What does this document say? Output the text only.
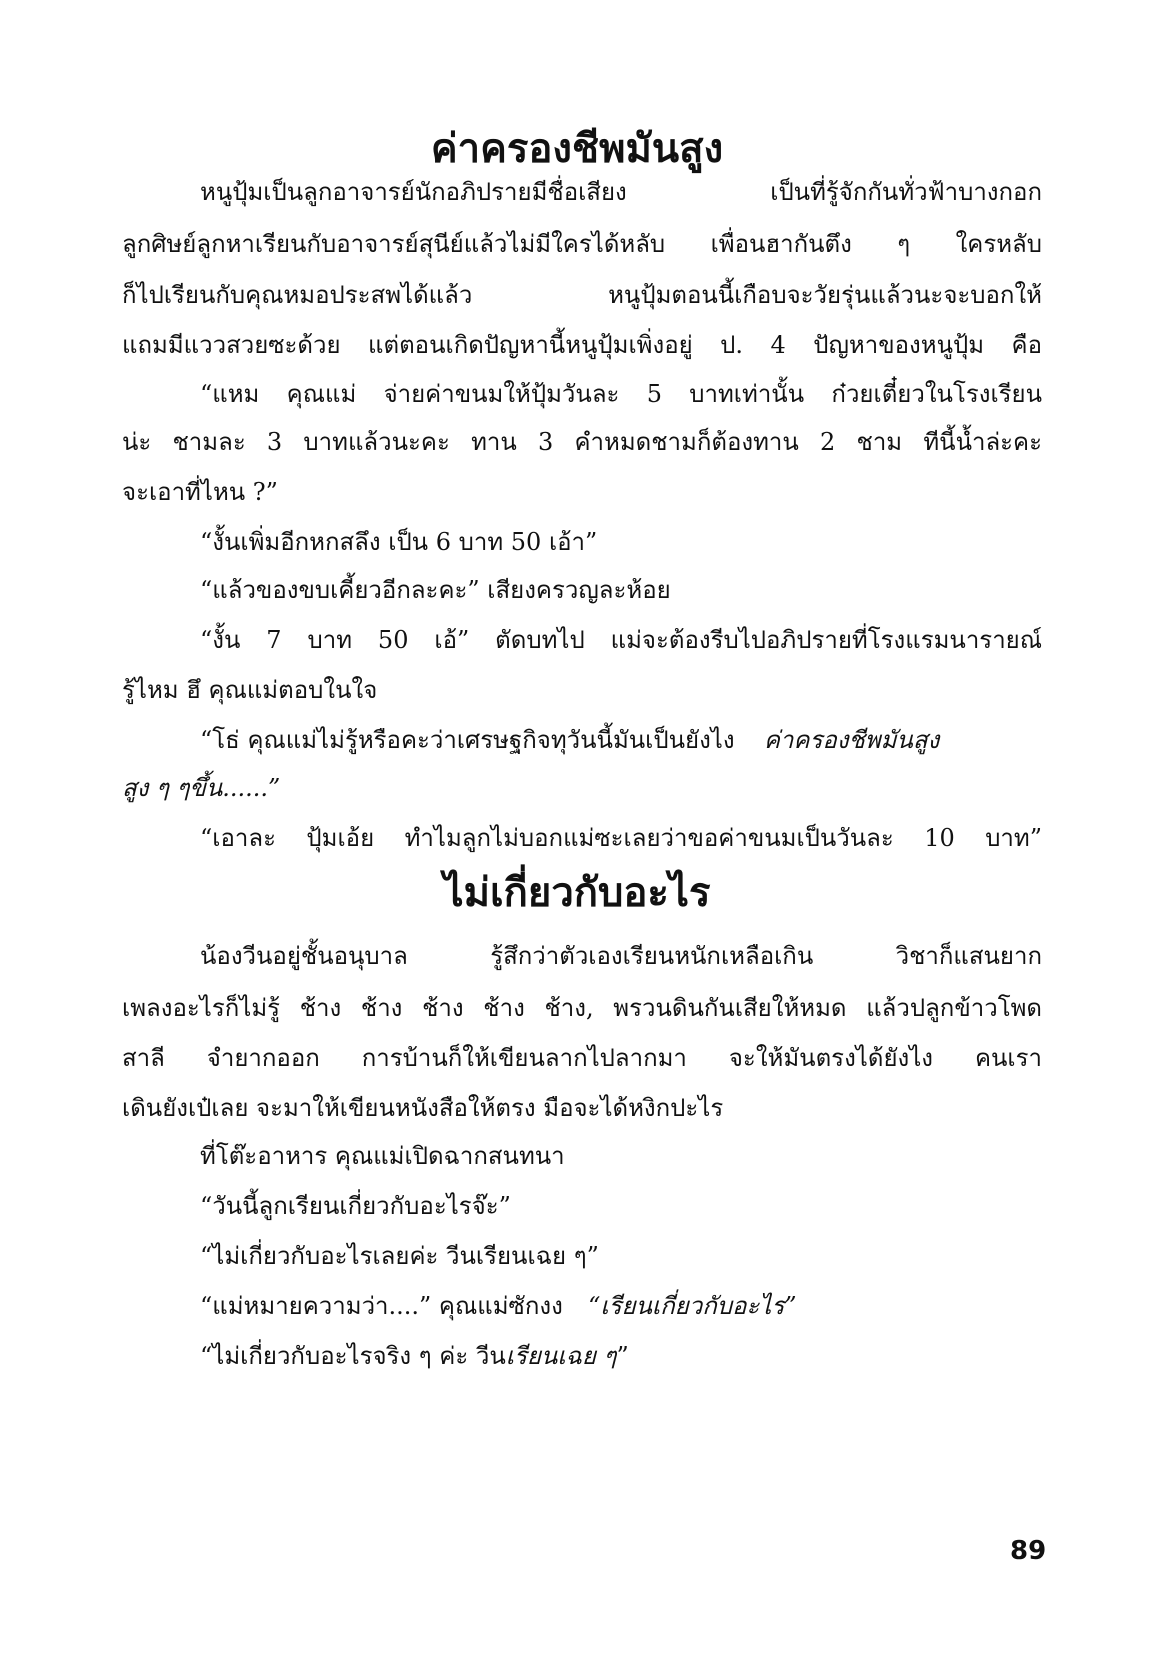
ค่าครองชีพมันสูง
หนูปุ้มเป็นลูกอาจารย์นักอภิปรายมีชื่อเสียง เป็นที่รู้จักกันทั่วฟ้าบางกอก
ลูกศิษย์ลูกหาเรียนกับอาจารย์สุนีย์แล้วไม่มีใครได้หลับ เพื่อนฮากันตึง ๆ ใครหลับ
ก็ไปเรียนกับคุณหมอประสพได้แล้ว หนูปุ้มตอนนี้เกือบจะวัยรุ่นแล้วนะจะบอกให้
แถมมีแววสวยซะด้วย แต่ตอนเกิดปัญหานี้หนูปุ้มเพิ่งอยู่ ป. 4 ปัญหาของหนูปุ้ม คือ
“แหม คุณแม่ จ่ายค่าขนมให้ปุ้มวันละ 5 บาทเท่านั้น ก๋วยเตี๋ยวในโรงเรียน
น่ะ ชามละ 3 บาทแล้วนะคะ ทาน 3 คำหมดชามก็ต้องทาน 2 ชาม ทีนี้น้ำล่ะคะ
จะเอาที่ไหน ?”
“งั้นเพิ่มอีกหกสลึง เป็น 6 บาท 50 เอ้า”
“แล้วของขบเคี้ยวอีกละคะ” เสียงครวญละห้อย
“งั้น 7 บาท 50 เอ้” ตัดบทไป แม่จะต้องรีบไปอภิปรายที่โรงแรมนารายณ์
รู้ไหม ฮึ คุณแม่ตอบในใจ
“โธ่ คุณแม่ไม่รู้หรือคะว่าเศรษฐกิจทุวันนี้มันเป็นยังไง ค่าครองชีพมันสูง
สูง ๆ ๆขึ้น......”
“เอาละ ปุ้มเอ้ย ทำไมลูกไม่บอกแม่ซะเลยว่าขอค่าขนมเป็นวันละ 10 บาท”
ไม่เกี่ยวกับอะไร
น้องวีนอยู่ชั้นอนุบาล รู้สึกว่าตัวเองเรียนหนักเหลือเกิน วิชาก็แสนยาก
เพลงอะไรก็ไม่รู้ ช้าง ช้าง ช้าง ช้าง ช้าง, พรวนดินกันเสียให้หมด แล้วปลูกข้าวโพด
สาลี จำยากออก การบ้านก็ให้เขียนลากไปลากมา จะให้มันตรงได้ยังไง คนเรา
เดินยังเป๋เลย จะมาให้เขียนหนังสือให้ตรง มือจะได้หงิกปะไร
ที่โต๊ะอาหาร คุณแม่เปิดฉากสนทนา
“วันนี้ลูกเรียนเกี่ยวกับอะไรจ๊ะ”
“ไม่เกี่ยวกับอะไรเลยค่ะ วีนเรียนเฉย ๆ”
“แม่หมายความว่า....” คุณแม่ซักงง “เรียนเกี่ยวกับอะไร”
“ไม่เกี่ยวกับอะไรจริง ๆ ค่ะ วีนเรียนเฉย ๆ”
89
